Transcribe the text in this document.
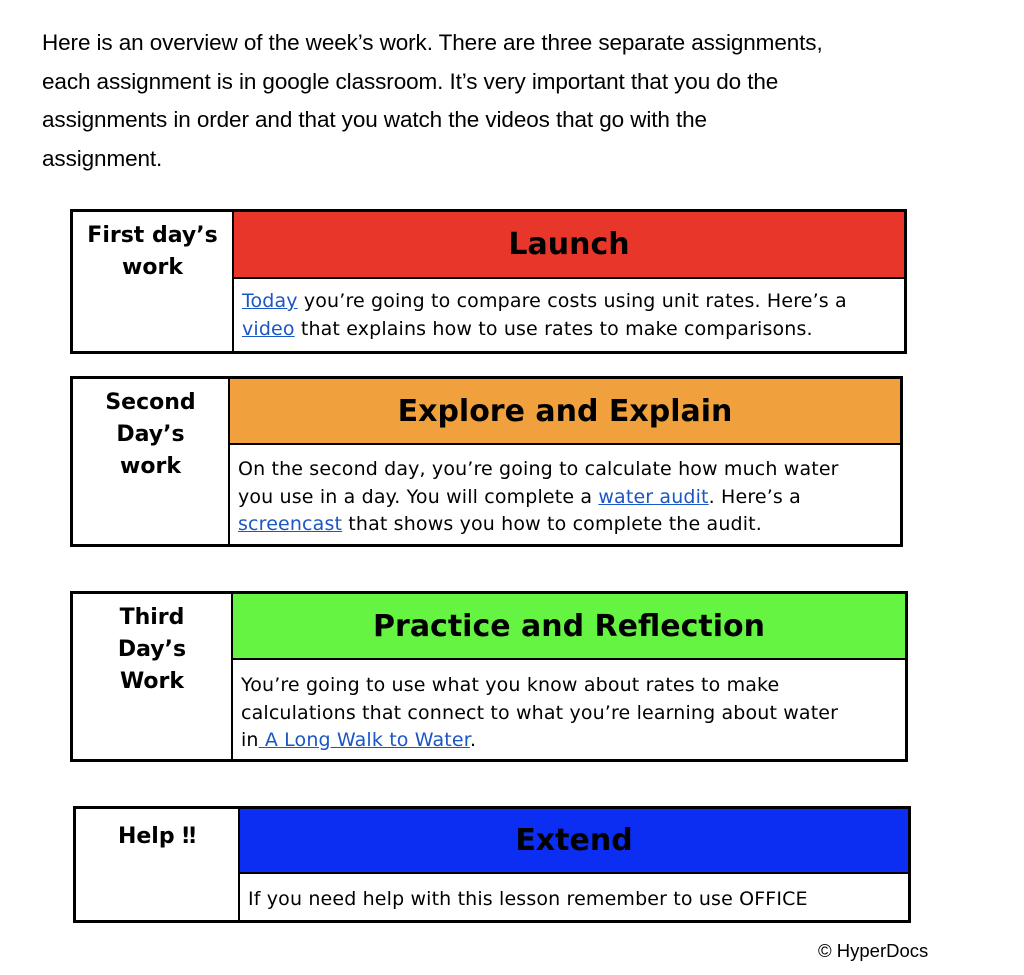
Here is an overview of the week’s work. There are three separate assignments,
each assignment is in google classroom. It’s very important that you do the
assignments in order and that you watch the videos that go with the
assignment.
First day’s
work
Launch
Today you’re going to compare costs using unit rates. Here’s a
video that explains how to use rates to make comparisons.
Second
Day’s
work
Explore and Explain
On the second day, you’re going to calculate how much water
you use in a day. You will complete a water audit. Here’s a
screencast that shows you how to complete the audit.
Third
Day’s
Work
Practice and Reflection
You’re going to use what you know about rates to make
calculations that connect to what you’re learning about water
in A Long Walk to Water.
Help ‼	Extend
If you need help with this lesson remember to use OFFICE
© HyperDocs
